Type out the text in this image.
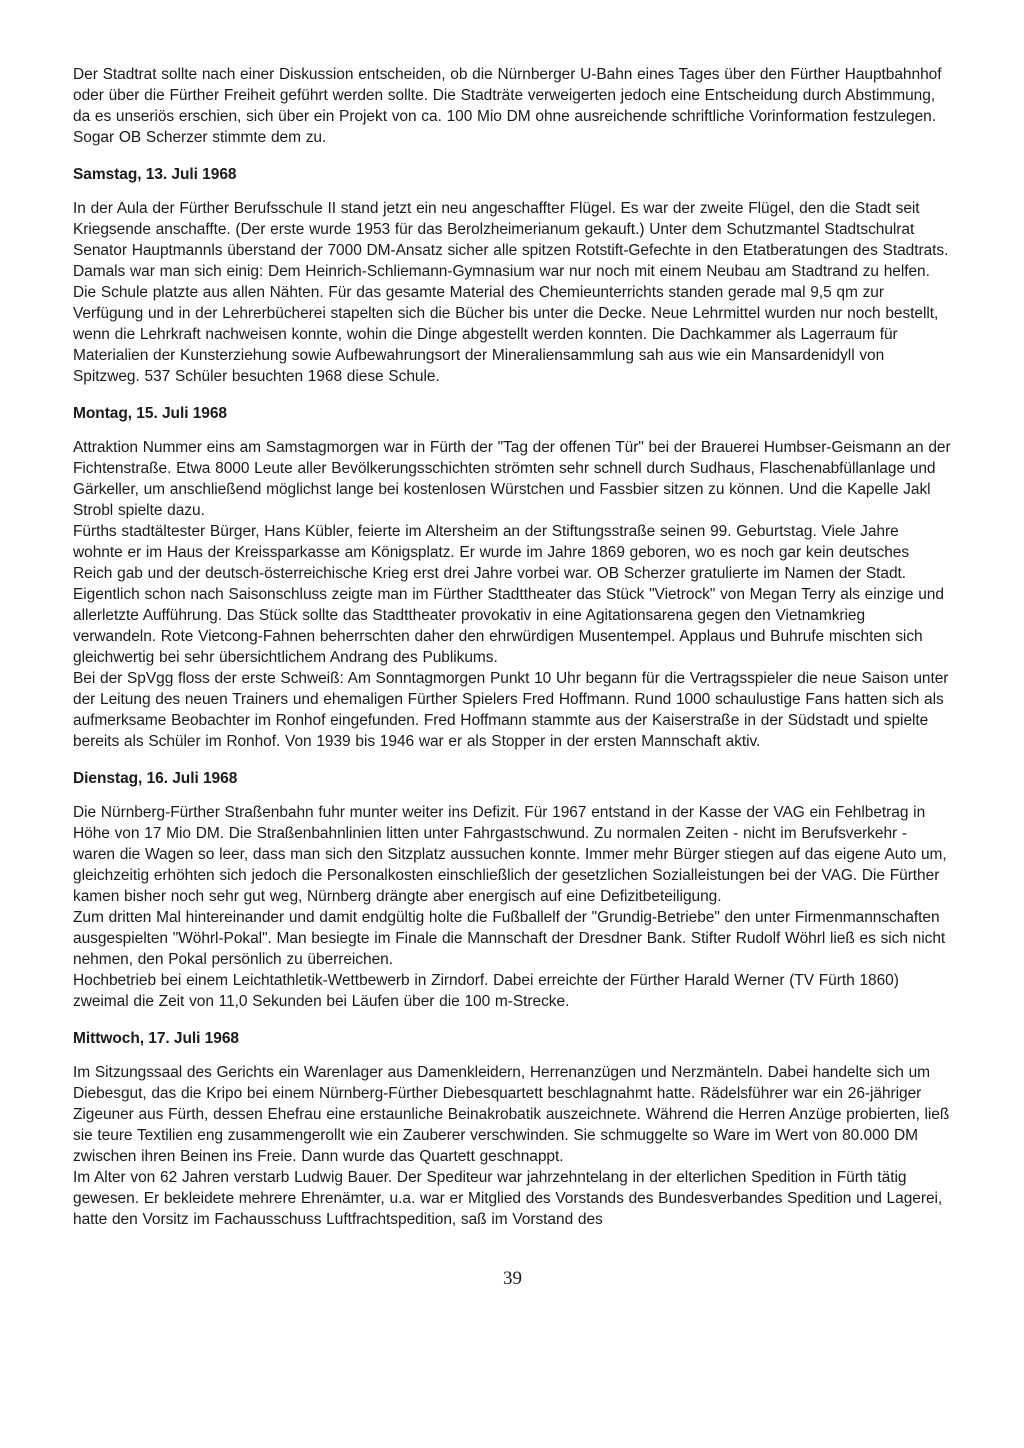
Der Stadtrat sollte nach einer Diskussion entscheiden, ob die Nürnberger U-Bahn eines Tages über den Fürther Hauptbahnhof oder über die Fürther Freiheit geführt werden sollte. Die Stadträte verweigerten jedoch eine Entscheidung durch Abstimmung, da es unseriös erschien, sich über ein Projekt von ca. 100 Mio DM ohne ausreichende schriftliche Vorinformation festzulegen. Sogar OB Scherzer stimmte dem zu.

Samstag, 13. Juli 1968

In der Aula der Fürther Berufsschule II stand jetzt ein neu angeschaffter Flügel. Es war der zweite Flügel, den die Stadt seit Kriegsende anschaffte. (Der erste wurde 1953 für das Berolzheimerianum gekauft.) Unter dem Schutzmantel Stadtschulrat Senator Hauptmannls überstand der 7000 DM-Ansatz sicher alle spitzen Rotstift-Gefechte in den Etatberatungen des Stadtrats.

Damals war man sich einig: Dem Heinrich-Schliemann-Gymnasium war nur noch mit einem Neubau am Stadtrand zu helfen. Die Schule platzte aus allen Nähten. Für das gesamte Material des Chemieunterrichts standen gerade mal 9,5 qm zur Verfügung und in der Lehrerbücherei stapelten sich die Bücher bis unter die Decke. Neue Lehrmittel wurden nur noch bestellt, wenn die Lehrkraft nachweisen konnte, wohin die Dinge abgestellt werden konnten. Die Dachkammer als Lagerraum für Materialien der Kunsterziehung sowie Aufbewahrungsort der Mineraliensammlung sah aus wie ein Mansardenidyll von Spitzweg. 537 Schüler besuchten 1968 diese Schule.

Montag, 15. Juli 1968

Attraktion Nummer eins am Samstagmorgen war in Fürth der "Tag der offenen Tür" bei der Brauerei Humbser-Geismann an der Fichtenstraße. Etwa 8000 Leute aller Bevölkerungsschichten strömten sehr schnell durch Sudhaus, Flaschenabfüllanlage und Gärkeller, um anschließend möglichst lange bei kostenlosen Würstchen und Fassbier sitzen zu können. Und die Kapelle Jakl Strobl spielte dazu.

Fürths stadtältester Bürger, Hans Kübler, feierte im Altersheim an der Stiftungsstraße seinen 99. Geburtstag. Viele Jahre wohnte er im Haus der Kreissparkasse am Königsplatz. Er wurde im Jahre 1869 geboren, wo es noch gar kein deutsches Reich gab und der deutsch-österreichische Krieg erst drei Jahre vorbei war. OB Scherzer gratulierte im Namen der Stadt.

Eigentlich schon nach Saisonschluss zeigte man im Fürther Stadttheater das Stück "Vietrock" von Megan Terry als einzige und allerletzte Aufführung. Das Stück sollte das Stadttheater provokativ in eine Agitationsarena gegen den Vietnamkrieg verwandeln. Rote Vietcong-Fahnen beherrschten daher den ehrwürdigen Musentempel. Applaus und Buhrufe mischten sich gleichwertig bei sehr übersichtlichem Andrang des Publikums.

Bei der SpVgg floss der erste Schweiß: Am Sonntagmorgen Punkt 10 Uhr begann für die Vertragsspieler die neue Saison unter der Leitung des neuen Trainers und ehemaligen Fürther Spielers Fred Hoffmann. Rund 1000 schaulustige Fans hatten sich als aufmerksame Beobachter im Ronhof eingefunden. Fred Hoffmann stammte aus der Kaiserstraße in der Südstadt und spielte bereits als Schüler im Ronhof. Von 1939 bis 1946 war er als Stopper in der ersten Mannschaft aktiv.

Dienstag, 16. Juli 1968

Die Nürnberg-Fürther Straßenbahn fuhr munter weiter ins Defizit. Für 1967 entstand in der Kasse der VAG ein Fehlbetrag in Höhe von 17 Mio DM. Die Straßenbahnlinien litten unter Fahrgastschwund. Zu normalen Zeiten - nicht im Berufsverkehr - waren die Wagen so leer, dass man sich den Sitzplatz aussuchen konnte. Immer mehr Bürger stiegen auf das eigene Auto um, gleichzeitig erhöhten sich jedoch die Personalkosten einschließlich der gesetzlichen Sozialleistungen bei der VAG. Die Fürther kamen bisher noch sehr gut weg, Nürnberg drängte aber energisch auf eine Defizitbeteiligung.

Zum dritten Mal hintereinander und damit endgültig holte die Fußballelf der "Grundig-Betriebe" den unter Firmenmannschaften ausgespielten "Wöhrl-Pokal". Man besiegte im Finale die Mannschaft der Dresdner Bank. Stifter Rudolf Wöhrl ließ es sich nicht nehmen, den Pokal persönlich zu überreichen.

Hochbetrieb bei einem Leichtathletik-Wettbewerb in Zirndorf. Dabei erreichte der Fürther Harald Werner (TV Fürth 1860) zweimal die Zeit von 11,0 Sekunden bei Läufen über die 100 m-Strecke.

Mittwoch, 17. Juli 1968

Im Sitzungssaal des Gerichts ein Warenlager aus Damenkleidern, Herrenanzügen und Nerzmänteln. Dabei handelte sich um Diebesgut, das die Kripo bei einem Nürnberg-Fürther Diebesquartett beschlagnahmt hatte. Rädelsführer war ein 26-jähriger Zigeuner aus Fürth, dessen Ehefrau eine erstaunliche Beinakrobatik auszeichnete. Während die Herren Anzüge probierten, ließ sie teure Textilien eng zusammengerollt wie ein Zauberer verschwinden. Sie schmuggelte so Ware im Wert von 80.000 DM zwischen ihren Beinen ins Freie. Dann wurde das Quartett geschnappt.

Im Alter von 62 Jahren verstarb Ludwig Bauer. Der Spediteur war jahrzehntelang in der elterlichen Spedition in Fürth tätig gewesen. Er bekleidete mehrere Ehrenämter, u.a. war er Mitglied des Vorstands des Bundesverbandes Spedition und Lagerei, hatte den Vorsitz im Fachausschuss Luftfrachtspedition, saß im Vorstand des

39
